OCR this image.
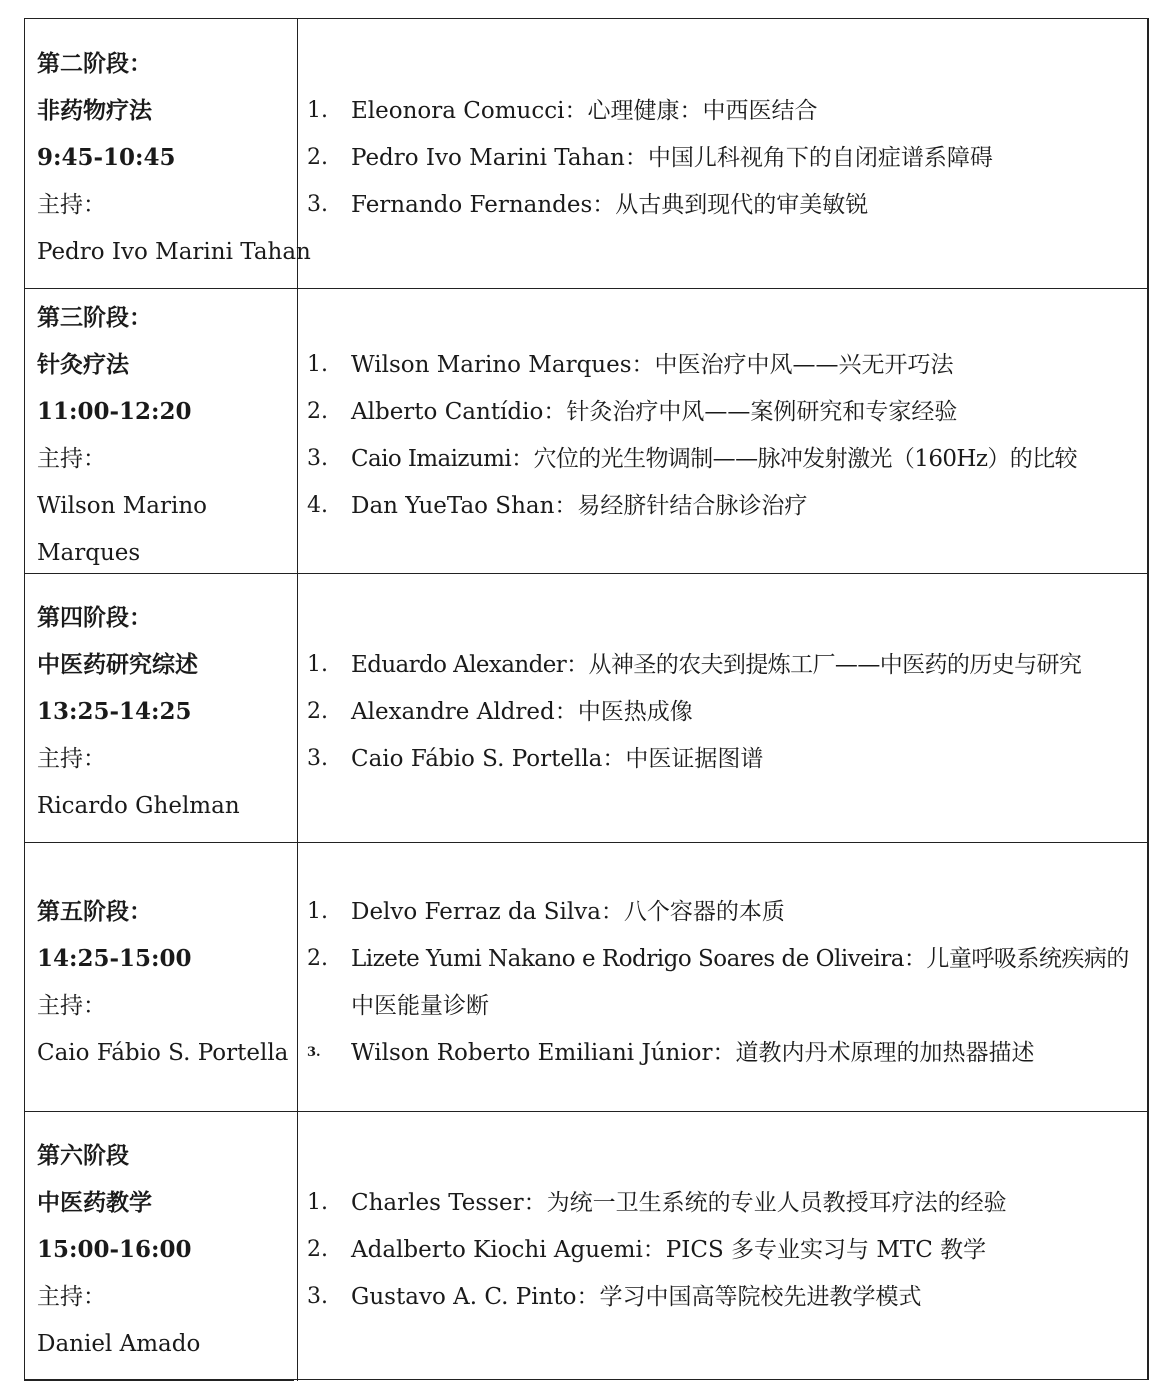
第二阶段：
非药物疗法
9:45-10:45
主持：
Pedro Ivo Marini Tahan
1. Eleonora Comucci：心理健康：中西医结合
2. Pedro Ivo Marini Tahan：中国儿科视角下的自闭症谱系障碍
3. Fernando Fernandes：从古典到现代的审美敏锐
第三阶段：
针灸疗法
11:00-12:20
主持：
Wilson Marino
Marques
1. Wilson Marino Marques：中医治疗中风——兴无开巧法
2. Alberto Cantídio：针灸治疗中风——案例研究和专家经验
3. Caio Imaizumi：穴位的光生物调制——脉冲发射激光（160Hz）的比较
4. Dan YueTao Shan：易经脐针结合脉诊治疗
第四阶段：
中医药研究综述
13:25-14:25
主持：
Ricardo Ghelman
1. Eduardo Alexander：从神圣的农夫到提炼工厂——中医药的历史与研究
2. Alexandre Aldred：中医热成像
3. Caio Fábio S. Portella：中医证据图谱
第五阶段：
14:25-15:00
主持：
Caio Fábio S. Portella
1. Delvo Ferraz da Silva：八个容器的本质
2. Lizete Yumi Nakano e Rodrigo Soares de Oliveira：儿童呼吸系统疾病的
中医能量诊断
3. Wilson Roberto Emiliani Júnior：道教内丹术原理的加热器描述
第六阶段
中医药教学
15:00-16:00
主持：
Daniel Amado
1. Charles Tesser：为统一卫生系统的专业人员教授耳疗法的经验
2. Adalberto Kiochi Aguemi：PICS 多专业实习与 MTC 教学
3. Gustavo A. C. Pinto：学习中国高等院校先进教学模式
